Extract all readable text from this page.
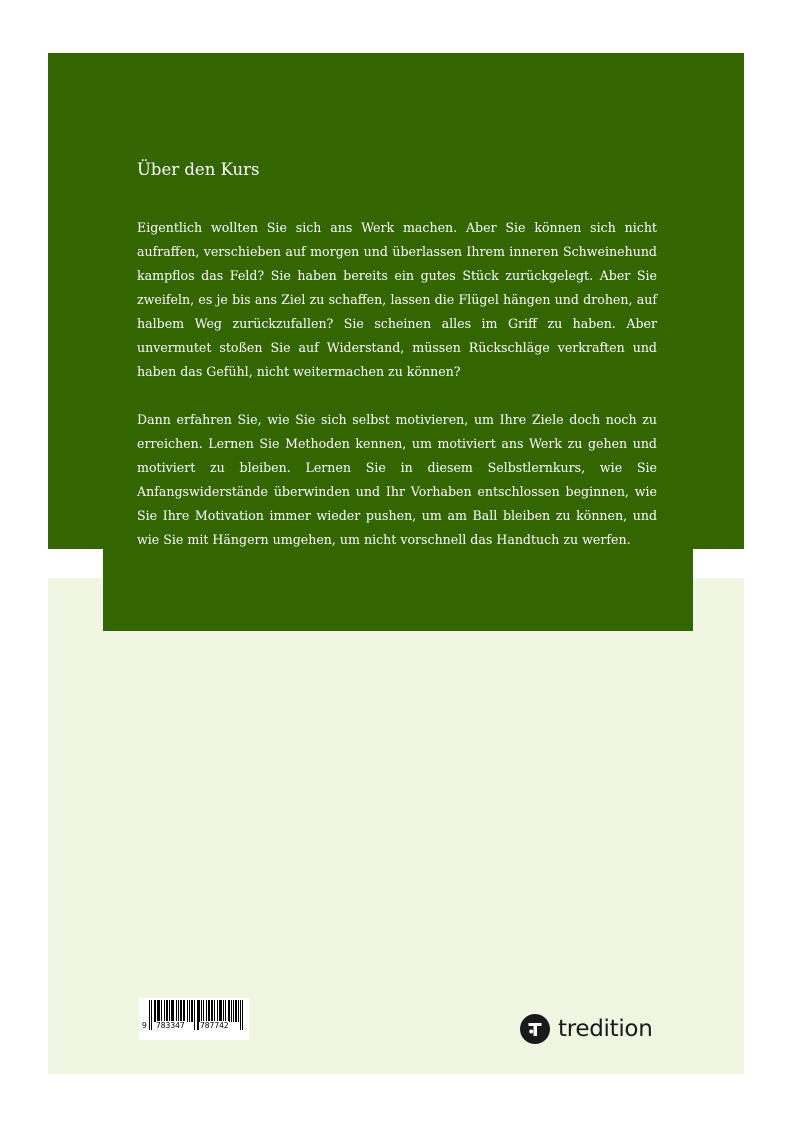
Über den Kurs

Eigentlich wollten Sie sich ans Werk machen. Aber Sie können sich nicht aufraffen, verschieben auf morgen und überlassen Ihrem inneren Schweinehund kampflos das Feld? Sie haben bereits ein gutes Stück zurückgelegt. Aber Sie zweifeln, es je bis ans Ziel zu schaffen, lassen die Flügel hängen und drohen, auf halbem Weg zurückzufallen? Sie scheinen alles im Griff zu haben. Aber unvermutet stoßen Sie auf Widerstand, müssen Rückschläge verkraften und haben das Gefühl, nicht weitermachen zu können?

Dann erfahren Sie, wie Sie sich selbst motivieren, um Ihre Ziele doch noch zu erreichen. Lernen Sie Methoden kennen, um motiviert ans Werk zu gehen und motiviert zu bleiben. Lernen Sie in diesem Selbstlernkurs, wie Sie Anfangswiderstände überwinden und Ihr Vorhaben entschlossen beginnen, wie Sie Ihre Motivation immer wieder pushen, um am Ball bleiben zu können, und wie Sie mit Hängern umgehen, um nicht vorschnell das Handtuch zu werfen.

9 783347 787742	tredition
